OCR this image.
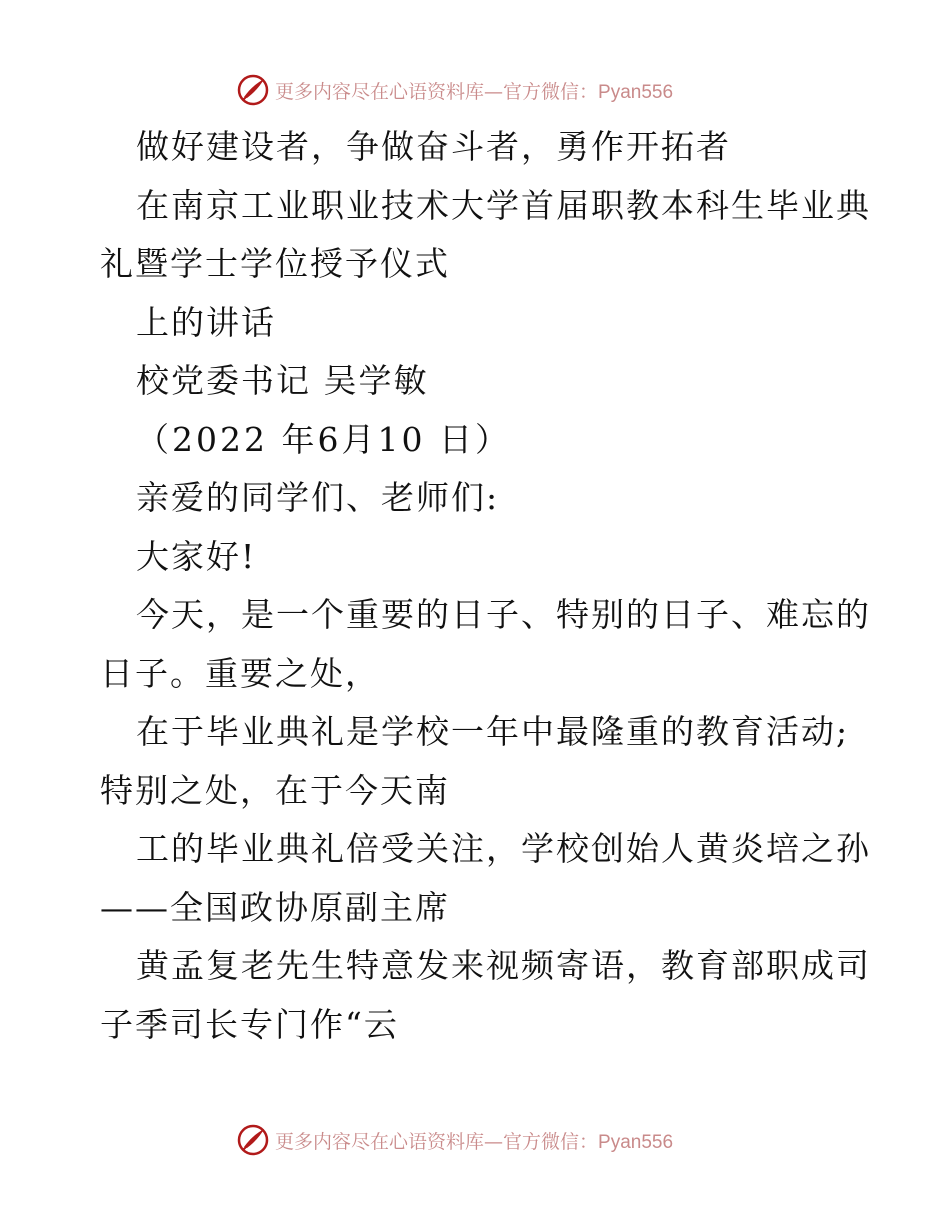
更多内容尽在心语资料库—官方微信：Pyan556
做好建设者，争做奋斗者，勇作开拓者
在南京工业职业技术大学首届职教本科生毕业典
礼暨学士学位授予仪式
上的讲话
校党委书记 吴学敏
（2022 年6月10 日）
亲爱的同学们、老师们:
大家好!
今天，是一个重要的日子、特别的日子、难忘的
日子。重要之处，
在于毕业典礼是学校一年中最隆重的教育活动;
特别之处，在于今天南
工的毕业典礼倍受关注，学校创始人黄炎培之孙
——全国政协原副主席
黄孟复老先生特意发来视频寄语，教育部职成司
子季司长专门作“云
更多内容尽在心语资料库—官方微信：Pyan556
